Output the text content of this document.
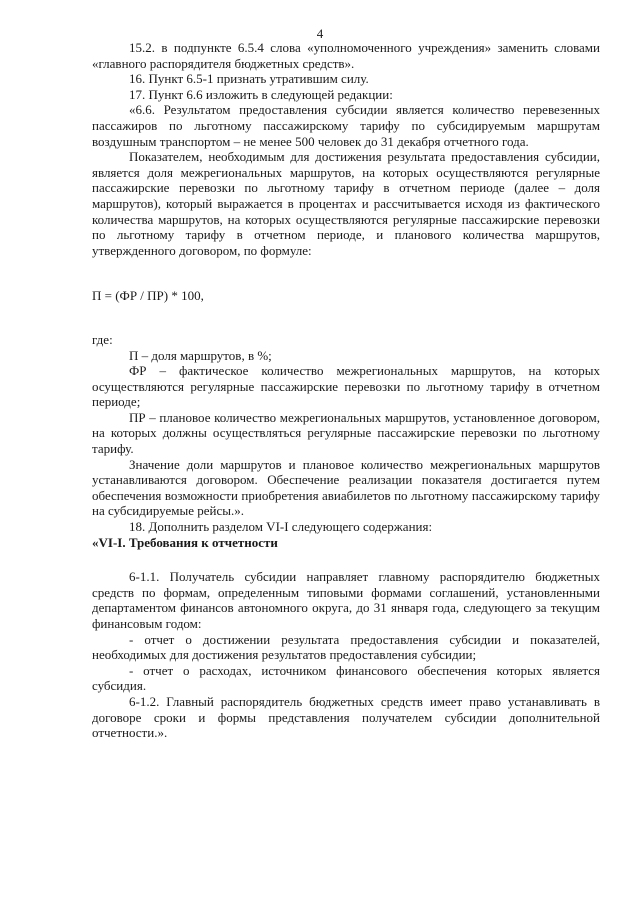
4

15.2. в подпункте 6.5.4 слова «уполномоченного учреждения» заменить словами «главного распорядителя бюджетных средств».

16. Пункт 6.5-1 признать утратившим силу.

17. Пункт 6.6 изложить в следующей редакции:

«6.6. Результатом предоставления субсидии является количество перевезенных пассажиров по льготному пассажирскому тарифу по субсидируемым маршрутам воздушным транспортом – не менее 500 человек до 31 декабря отчетного года.

Показателем, необходимым для достижения результата предоставления субсидии, является доля межрегиональных маршрутов, на которых осуществляются регулярные пассажирские перевозки по льготному тарифу в отчетном периоде (далее – доля маршрутов), который выражается в процентах и рассчитывается исходя из фактического количества маршрутов, на которых осуществляются регулярные пассажирские перевозки по льготному тарифу в отчетном периоде, и планового количества маршрутов, утвержденного договором, по формуле:

П = (ФР / ПР) * 100,

где:

П – доля маршрутов, в %;

ФР – фактическое количество межрегиональных маршрутов, на которых осуществляются регулярные пассажирские перевозки по льготному тарифу в отчетном периоде;

ПР – плановое количество межрегиональных маршрутов, установленное договором, на которых должны осуществляться регулярные пассажирские перевозки по льготному тарифу.

Значение доли маршрутов и плановое количество межрегиональных маршрутов устанавливаются договором. Обеспечение реализации показателя достигается путем обеспечения возможности приобретения авиабилетов по льготному пассажирскому тарифу на субсидируемые рейсы.».

18. Дополнить разделом VI-I следующего содержания:

«VI-I. Требования к отчетности

6-1.1. Получатель субсидии направляет главному распорядителю бюджетных средств по формам, определенным типовыми формами соглашений, установленными департаментом финансов автономного округа, до 31 января года, следующего за текущим финансовым годом:

- отчет о достижении результата предоставления субсидии и показателей, необходимых для достижения результатов предоставления субсидии;

- отчет о расходах, источником финансового обеспечения которых является субсидия.

6-1.2. Главный распорядитель бюджетных средств имеет право устанавливать в договоре сроки и формы представления получателем субсидии дополнительной отчетности.».
